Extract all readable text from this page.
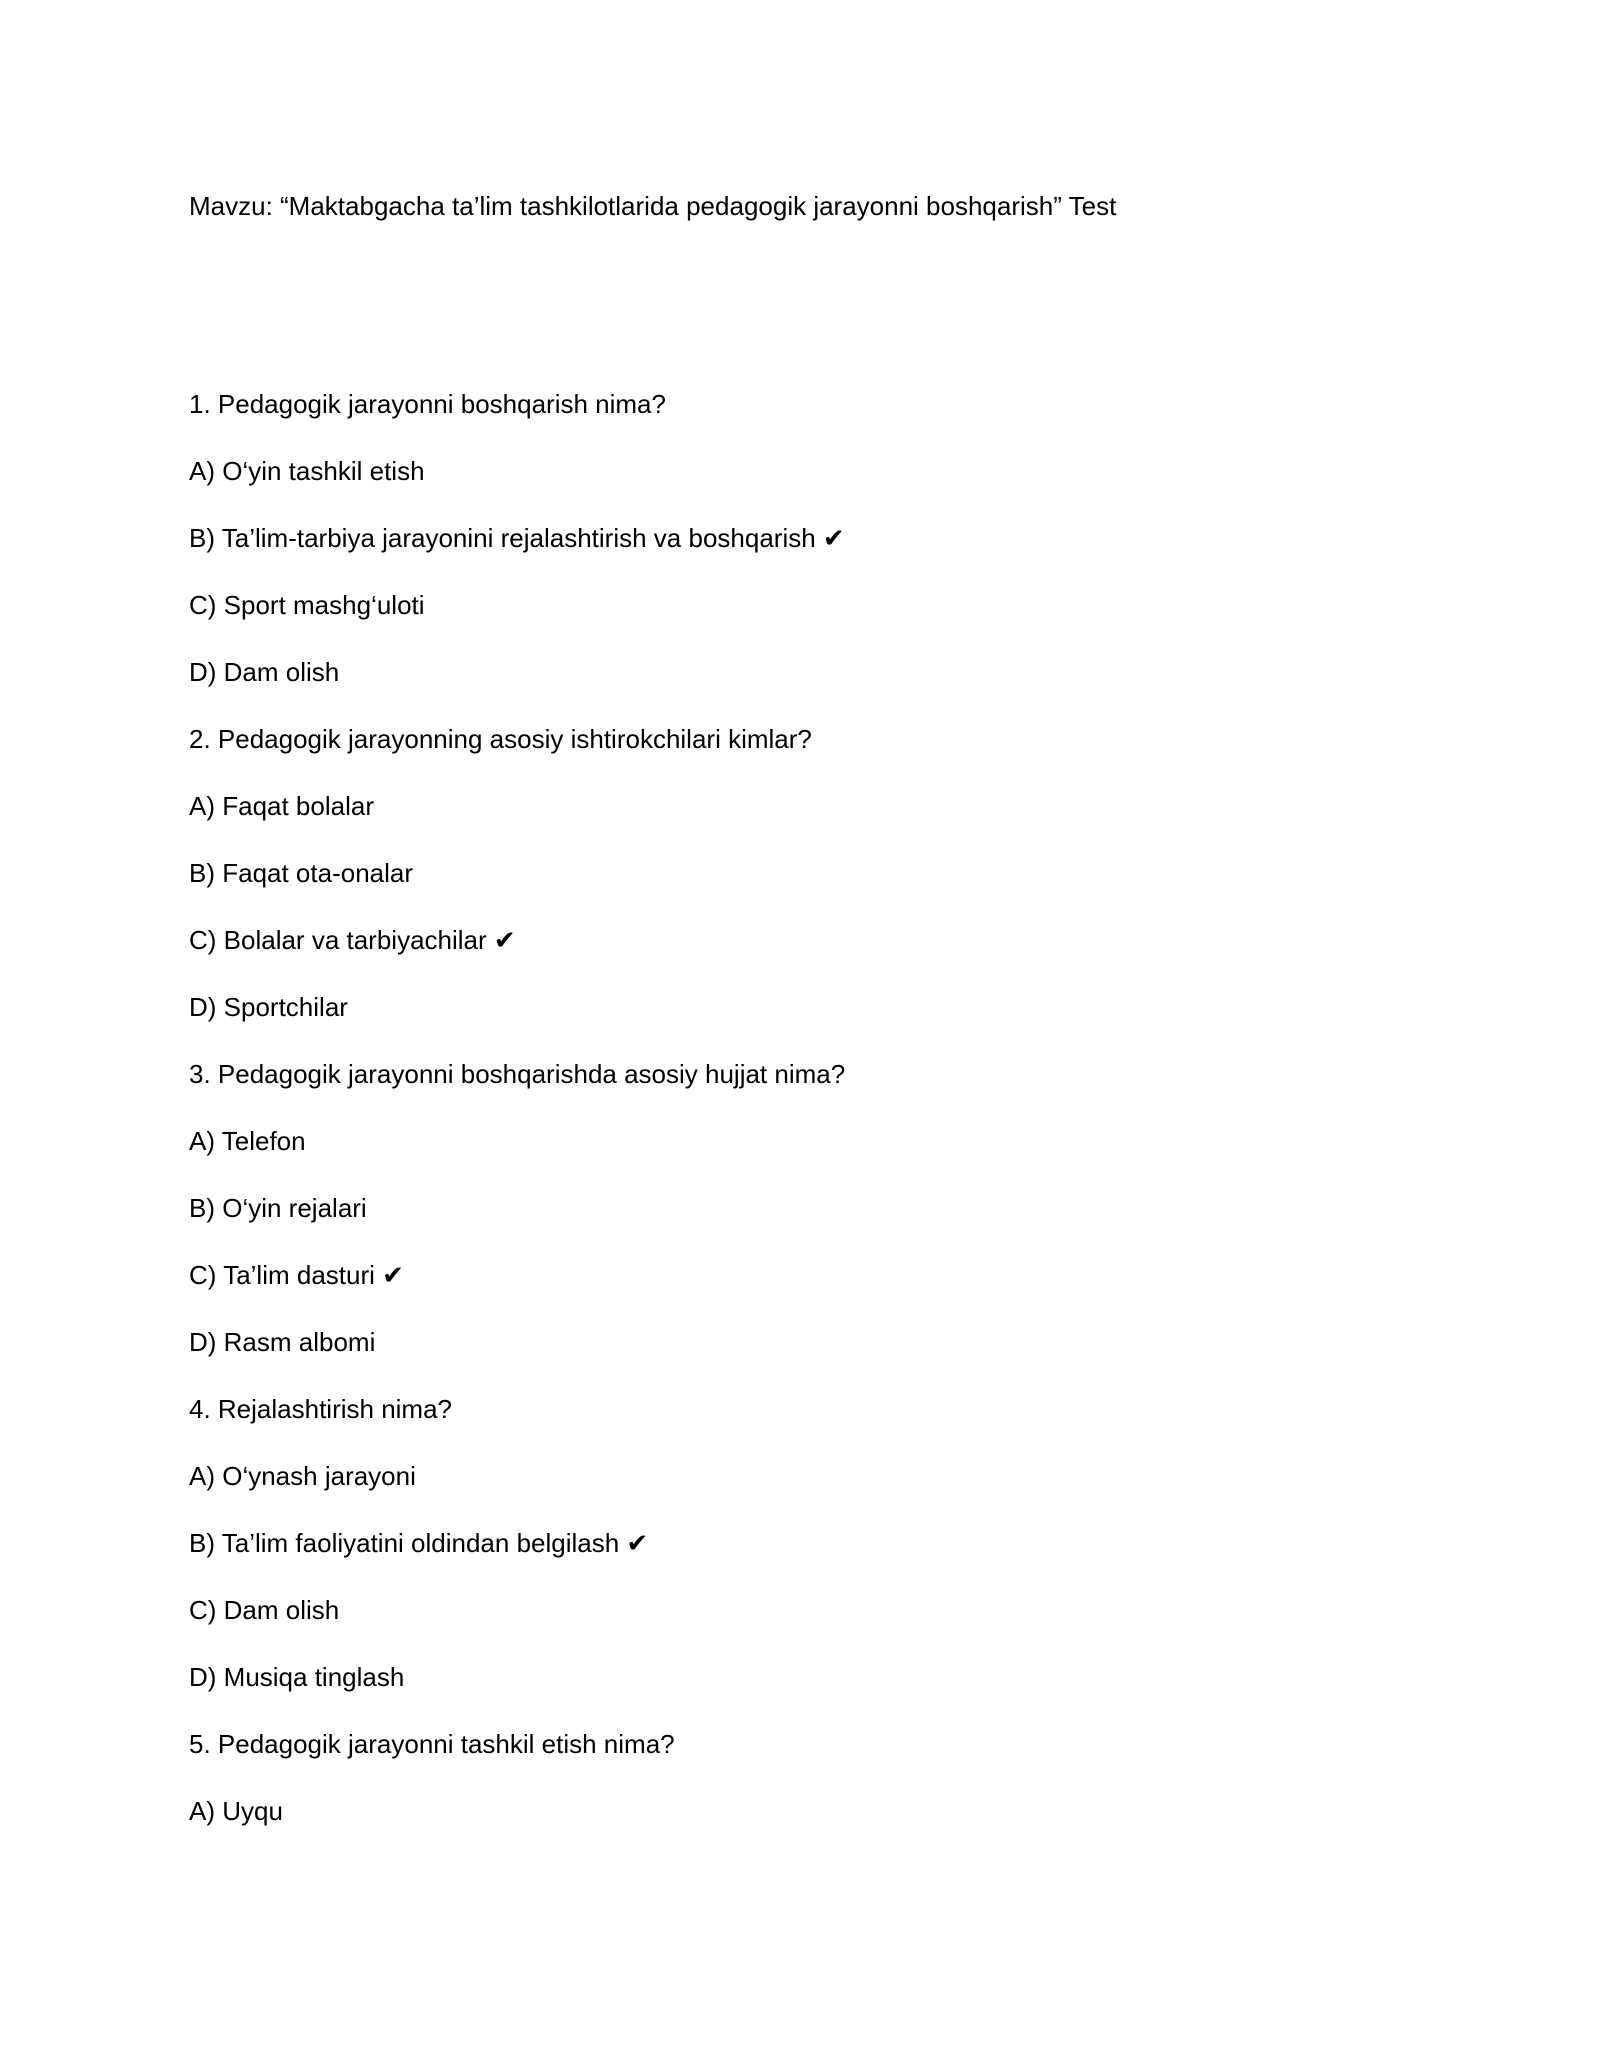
Mavzu: “Maktabgacha ta’lim tashkilotlarida pedagogik jarayonni boshqarish” Test
1. Pedagogik jarayonni boshqarish nima?
A) O‘yin tashkil etish
B) Ta’lim-tarbiya jarayonini rejalashtirish va boshqarish ✔
C) Sport mashg‘uloti
D) Dam olish
2. Pedagogik jarayonning asosiy ishtirokchilari kimlar?
A) Faqat bolalar
B) Faqat ota-onalar
C) Bolalar va tarbiyachilar ✔
D) Sportchilar
3. Pedagogik jarayonni boshqarishda asosiy hujjat nima?
A) Telefon
B) O‘yin rejalari
C) Ta’lim dasturi ✔
D) Rasm albomi
4. Rejalashtirish nima?
A) O‘ynash jarayoni
B) Ta’lim faoliyatini oldindan belgilash ✔
C) Dam olish
D) Musiqa tinglash
5. Pedagogik jarayonni tashkil etish nima?
A) Uyqu
